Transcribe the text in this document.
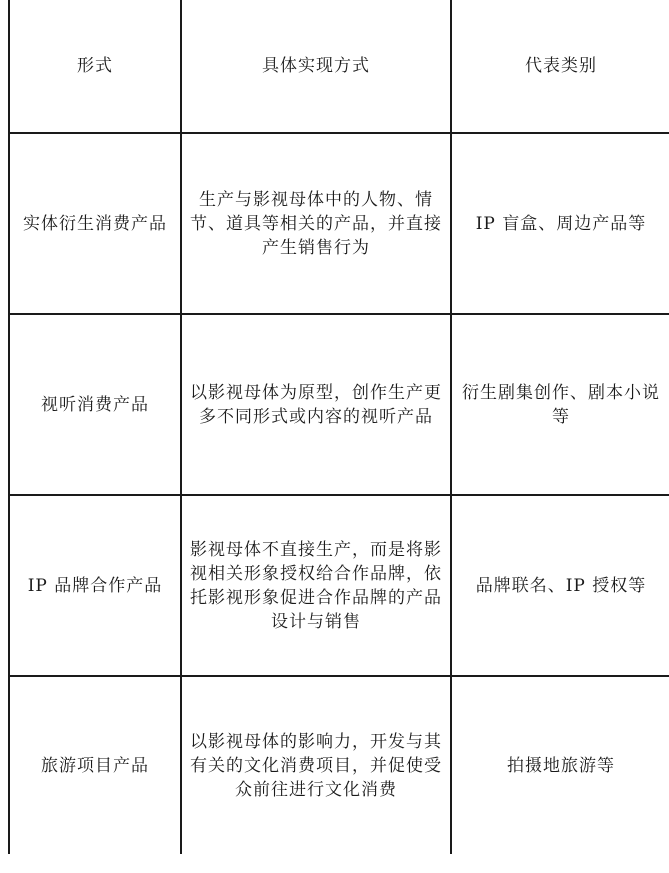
形式	具体实现方式	代表类别
实体衍生消费产品	生产与影视母体中的人物、情节、道具等相关的产品，并直接产生销售行为	IP 盲盒、周边产品等
视听消费产品	以影视母体为原型，创作生产更多不同形式或内容的视听产品	衍生剧集创作、剧本小说等
IP 品牌合作产品	影视母体不直接生产，而是将影视相关形象授权给合作品牌，依托影视形象促进合作品牌的产品设计与销售	品牌联名、IP 授权等
旅游项目产品	以影视母体的影响力，开发与其有关的文化消费项目，并促使受众前往进行文化消费	拍摄地旅游等
